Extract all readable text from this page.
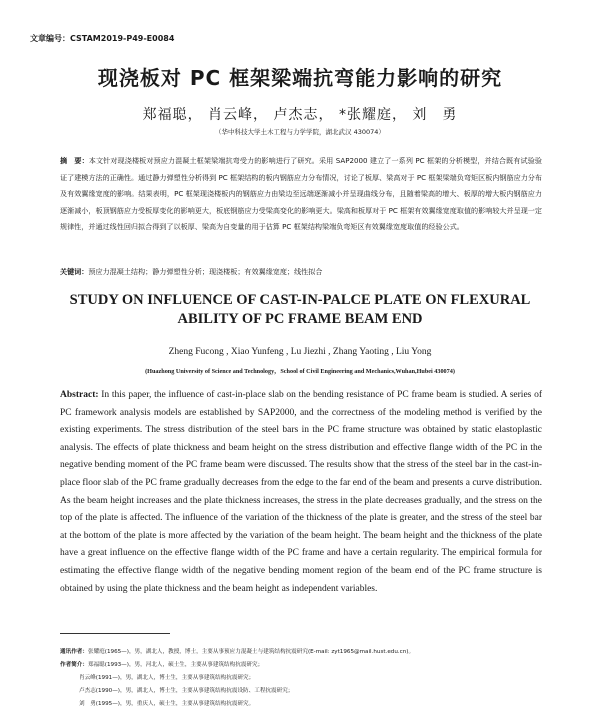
文章编号：CSTAM2019-P49-E0084
现浇板对 PC 框架梁端抗弯能力影响的研究
郑福聪， 肖云峰， 卢杰志， *张耀庭， 刘　勇
（华中科技大学土木工程与力学学院，湖北武汉 430074）

摘　要：本文针对现浇楼板对预应力混凝土框架梁端抗弯受力的影响进行了研究。采用 SAP2000 建立了一系列 PC 框架的分析模型，并结合既有试验验证了建模方法的正确性。通过静力弹塑性分析得到 PC 框架结构的板内钢筋应力分布情况，讨论了板厚、梁高对于 PC 框架梁端负弯矩区板内钢筋应力分布及有效翼缘宽度的影响。结果表明，PC 框架现浇楼板内的钢筋应力由梁边至远端逐渐减小并呈现曲线分布，且随着梁高的增大、板厚的增大板内钢筋应力逐渐减小，板顶钢筋应力受板厚变化的影响更大，板底钢筋应力受梁高变化的影响更大。梁高和板厚对于 PC 框架有效翼缘宽度取值的影响较大并呈现一定规律性，并通过线性回归拟合得到了以板厚、梁高为自变量的用于估算 PC 框架结构梁端负弯矩区有效翼缘宽度取值的经验公式。

关键词：预应力混凝土结构；静力弹塑性分析；现浇楼板；有效翼缘宽度；线性拟合

STUDY ON INFLUENCE OF CAST-IN-PALCE PLATE ON FLEXURAL
ABILITY OF PC FRAME BEAM END
Zheng Fucong , Xiao Yunfeng , Lu Jiezhi , Zhang Yaoting , Liu Yong
(Huazhong University of Science and Technology，School of Civil Engineering and Mechanics,Wuhan,Hubei 430074)

Abstract: In this paper, the influence of cast-in-place slab on the bending resistance of PC frame beam is studied. A series of PC framework analysis models are established by SAP2000, and the correctness of the modeling method is verified by the existing experiments. The stress distribution of the steel bars in the PC frame structure was obtained by static elastoplastic analysis. The effects of plate thickness and beam height on the stress distribution and effective flange width of the PC in the negative bending moment of the PC frame beam were discussed. The results show that the stress of the steel bar in the cast-in-place floor slab of the PC frame gradually decreases from the edge to the far end of the beam and presents a curve distribution. As the beam height increases and the plate thickness increases, the stress in the plate decreases gradually, and the stress on the top of the plate is affected. The influence of the variation of the thickness of the plate is greater, and the stress of the steel bar at the bottom of the plate is more affected by the variation of the beam height. The beam height and the thickness of the plate have a great influence on the effective flange width of the PC frame and have a certain regularity. The empirical formula for estimating the effective flange width of the negative bending moment region of the beam end of the PC frame structure is obtained by using the plate thickness and the beam height as independent variables.

通讯作者：张耀庭(1965—)，男，湖北人，教授，博士，主要从事预应力混凝土与建筑结构抗震研究(E-mail: zyt1965@mail.hust.edu.cn)。
作者简介：郑福聪(1993—)，男，河北人，硕士生，主要从事建筑结构抗震研究；
肖云峰(1991—)，男，湖北人，博士生，主要从事建筑结构抗震研究；
卢杰志(1990—)，男，湖北人，博士生，主要从事建筑结构抗震设防、工程抗震研究；
刘　勇(1995—)，男，重庆人，硕士生，主要从事建筑结构抗震研究。
